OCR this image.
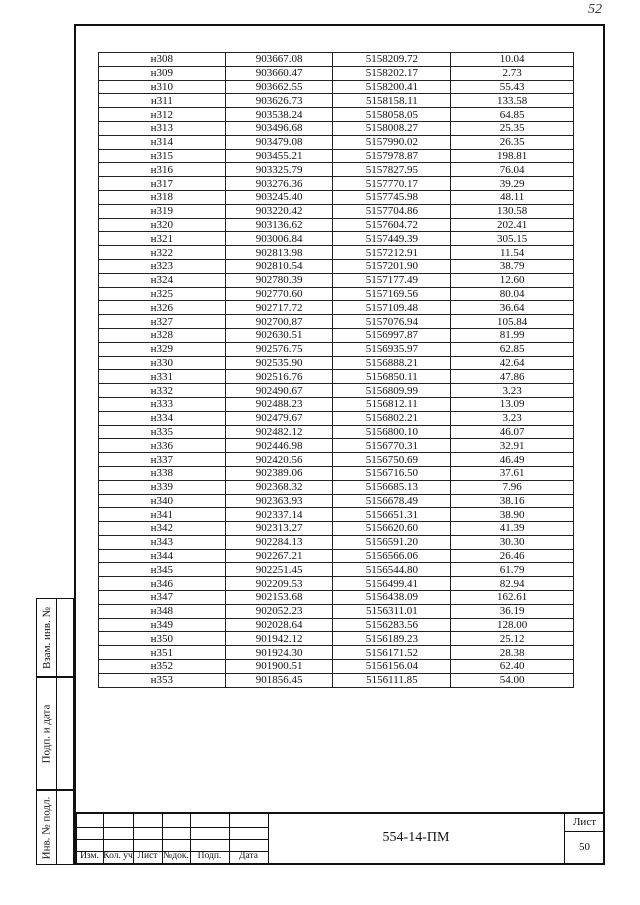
52
Взам. инв. №
Подп. и дата
Инв. № подл.
н308	903667.08	5158209.72	10.04
н309	903660.47	5158202.17	2.73
н310	903662.55	5158200.41	55.43
н311	903626.73	5158158.11	133.58
н312	903538.24	5158058.05	64.85
н313	903496.68	5158008.27	25.35
н314	903479.08	5157990.02	26.35
н315	903455.21	5157978.87	198.81
н316	903325.79	5157827.95	76.04
н317	903276.36	5157770.17	39.29
н318	903245.40	5157745.98	48.11
н319	903220.42	5157704.86	130.58
н320	903136.62	5157604.72	202.41
н321	903006.84	5157449.39	305.15
н322	902813.98	5157212.91	11.54
н323	902810.54	5157201.90	38.79
н324	902780.39	5157177.49	12.60
н325	902770.60	5157169.56	80.04
н326	902717.72	5157109.48	36.64
н327	902700.87	5157076.94	105.84
н328	902630.51	5156997.87	81.99
н329	902576.75	5156935.97	62.85
н330	902535.90	5156888.21	42.64
н331	902516.76	5156850.11	47.86
н332	902490.67	5156809.99	3.23
н333	902488.23	5156812.11	13.09
н334	902479.67	5156802.21	3.23
н335	902482.12	5156800.10	46.07
н336	902446.98	5156770.31	32.91
н337	902420.56	5156750.69	46.49
н338	902389.06	5156716.50	37.61
н339	902368.32	5156685.13	7.96
н340	902363.93	5156678.49	38.16
н341	902337.14	5156651.31	38.90
н342	902313.27	5156620.60	41.39
н343	902284.13	5156591.20	30.30
н344	902267.21	5156566.06	26.46
н345	902251.45	5156544.80	61.79
н346	902209.53	5156499.41	82.94
н347	902153.68	5156438.09	162.61
н348	902052.23	5156311.01	36.19
н349	902028.64	5156283.56	128.00
н350	901942.12	5156189.23	25.12
н351	901924.30	5156171.52	28.38
н352	901900.51	5156156.04	62.40
н353	901856.45	5156111.85	54.00
Изм. Кол. уч Лист №док. Подп.	Дата
554-14-ПМ
Лист
50
